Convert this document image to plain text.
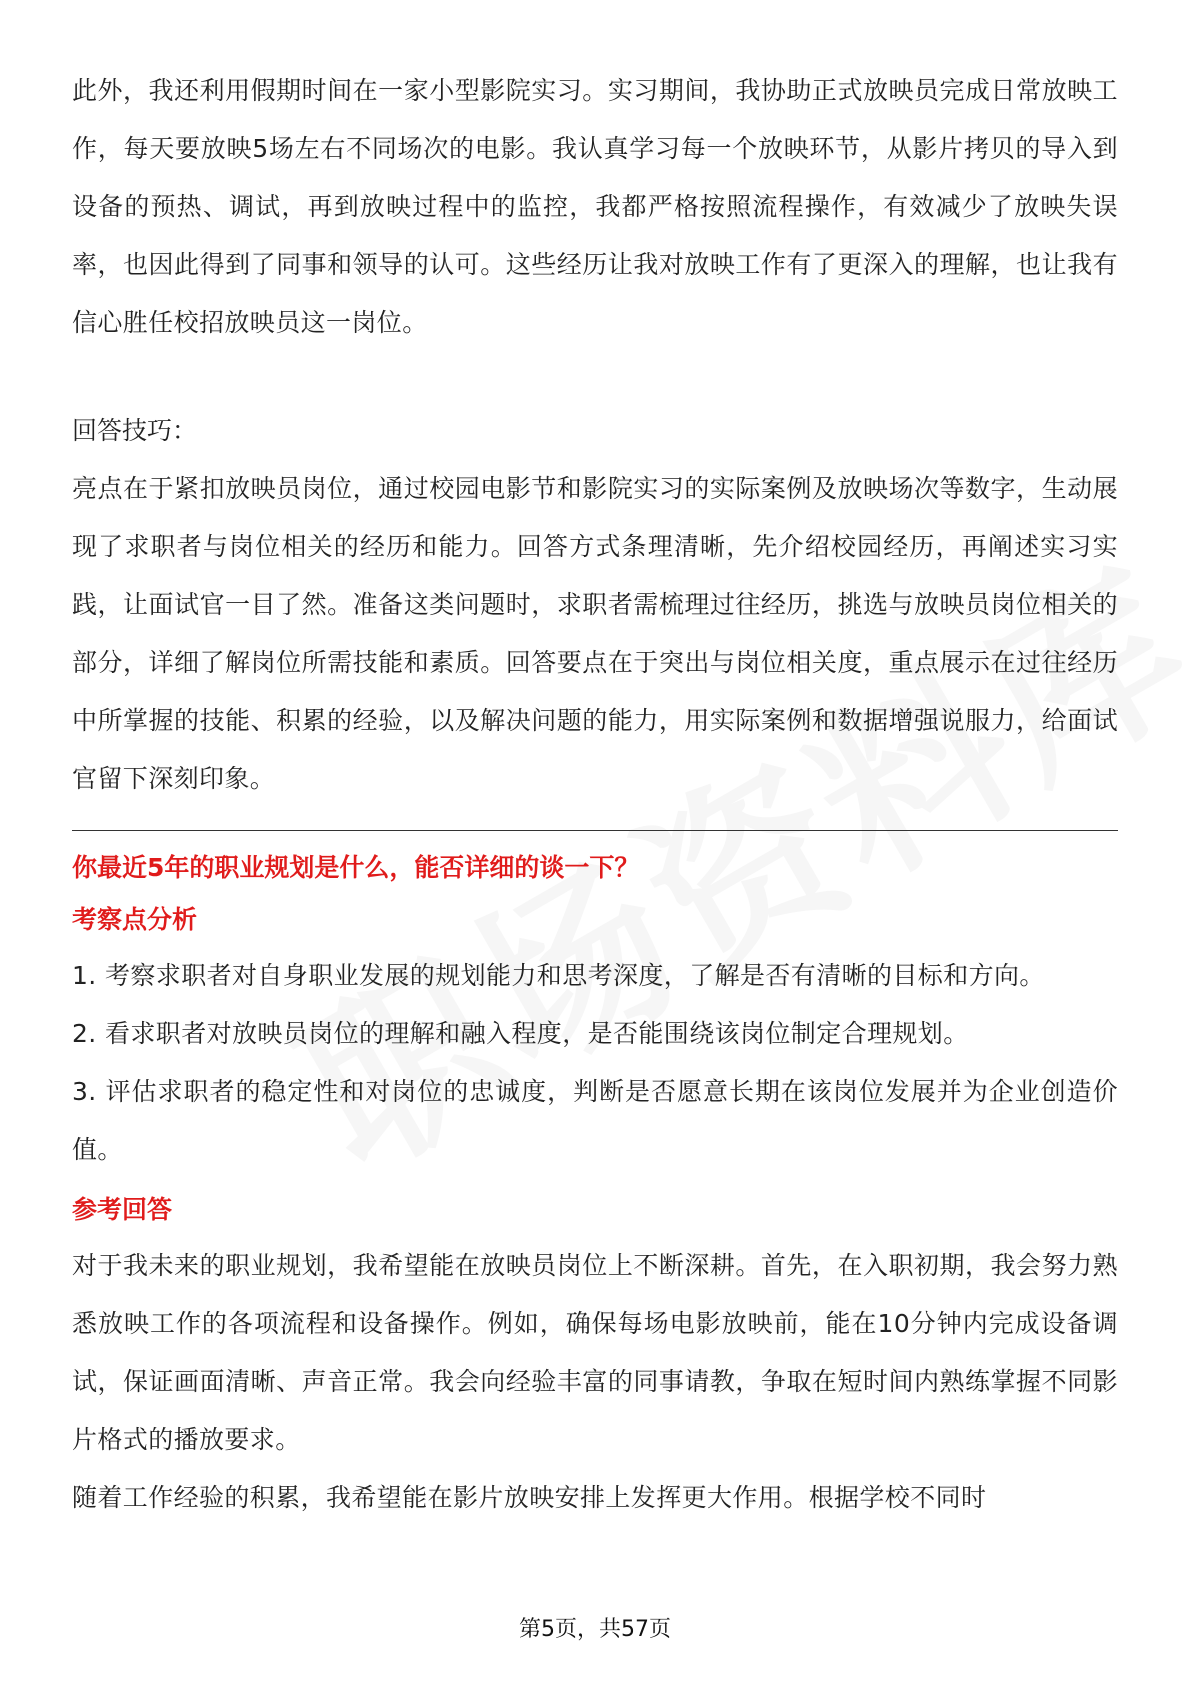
此外，我还利用假期时间在一家小型影院实习。实习期间，我协助正式放映员完成日常放映工作，每天要放映5场左右不同场次的电影。我认真学习每一个放映环节，从影片拷贝的导入到设备的预热、调试，再到放映过程中的监控，我都严格按照流程操作，有效减少了放映失误率，也因此得到了同事和领导的认可。这些经历让我对放映工作有了更深入的理解，也让我有信心胜任校招放映员这一岗位。

回答技巧：

亮点在于紧扣放映员岗位，通过校园电影节和影院实习的实际案例及放映场次等数字，生动展现了求职者与岗位相关的经历和能力。回答方式条理清晰，先介绍校园经历，再阐述实习实践，让面试官一目了然。准备这类问题时，求职者需梳理过往经历，挑选与放映员岗位相关的部分，详细了解岗位所需技能和素质。回答要点在于突出与岗位相关度，重点展示在过往经历中所掌握的技能、积累的经验，以及解决问题的能力，用实际案例和数据增强说服力，给面试官留下深刻印象。

你最近5年的职业规划是什么，能否详细的谈一下？

考察点分析

1. 考察求职者对自身职业发展的规划能力和思考深度，了解是否有清晰的目标和方向。

2. 看求职者对放映员岗位的理解和融入程度，是否能围绕该岗位制定合理规划。

3. 评估求职者的稳定性和对岗位的忠诚度，判断是否愿意长期在该岗位发展并为企业创造价值。

参考回答

对于我未来的职业规划，我希望能在放映员岗位上不断深耕。首先，在入职初期，我会努力熟悉放映工作的各项流程和设备操作。例如，确保每场电影放映前，能在10分钟内完成设备调试，保证画面清晰、声音正常。我会向经验丰富的同事请教，争取在短时间内熟练掌握不同影片格式的播放要求。

随着工作经验的积累，我希望能在影片放映安排上发挥更大作用。根据学校不同时

第5页，共57页
